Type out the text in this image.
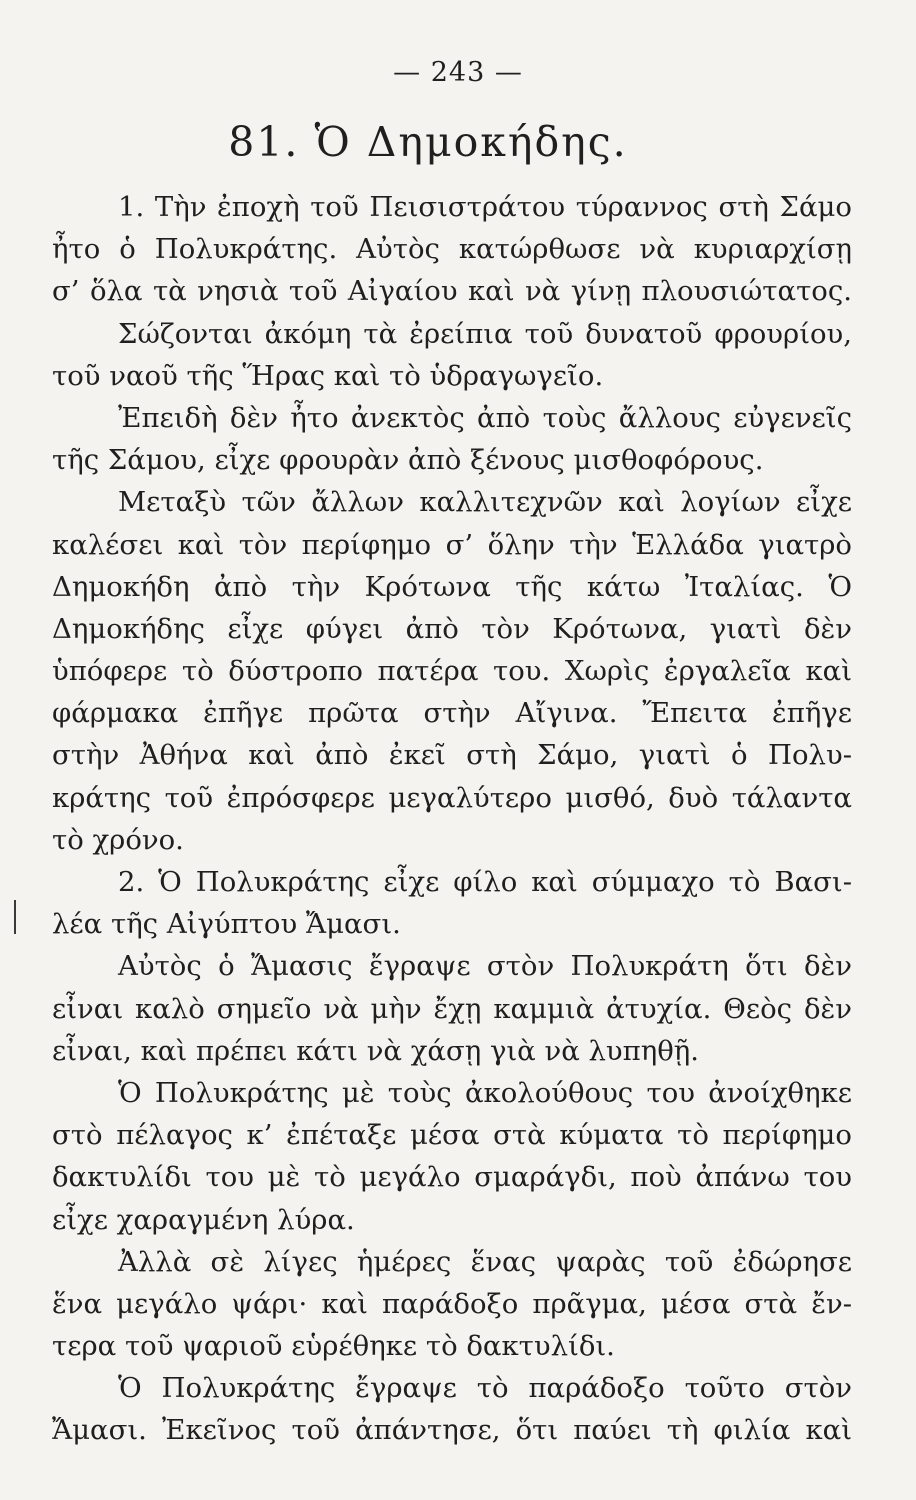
— 243 —
81. Ὁ Δημοκήδης.
1. Τὴν ἐποχὴ τοῦ Πεισιστράτου τύραννος στὴ Σάμο
ἦτο ὁ Πολυκράτης. Αὐτὸς κατώρθωσε νὰ κυριαρχίσῃ
σ’ ὅλα τὰ νησιὰ τοῦ Αἰγαίου καὶ νὰ γίνῃ πλουσιώτατος.
Σώζονται ἀκόμη τὰ ἐρείπια τοῦ δυνατοῦ φρουρίου,
τοῦ ναοῦ τῆς Ἥρας καὶ τὸ ὑδραγωγεῖο.
Ἐπειδὴ δὲν ἦτο ἀνεκτὸς ἀπὸ τοὺς ἄλλους εὐγενεῖς
τῆς Σάμου, εἶχε φρουρὰν ἀπὸ ξένους μισθοφόρους.
Μεταξὺ τῶν ἄλλων καλλιτεχνῶν καὶ λογίων εἶχε
καλέσει καὶ τὸν περίφημο σ’ ὅλην τὴν Ἑλλάδα γιατρὸ
Δημοκήδη ἀπὸ τὴν Κρότωνα τῆς κάτω Ἰταλίας. Ὁ
Δημοκήδης εἶχε φύγει ἀπὸ τὸν Κρότωνα, γιατὶ δὲν
ὑπόφερε τὸ δύστροπο πατέρα του. Χωρὶς ἐργαλεῖα καὶ
φάρμακα ἐπῆγε πρῶτα στὴν Αἴγινα. Ἔπειτα ἐπῆγε
στὴν Ἀθήνα καὶ ἀπὸ ἐκεῖ στὴ Σάμο, γιατὶ ὁ Πολυ-
κράτης τοῦ ἐπρόσφερε μεγαλύτερο μισθό, δυὸ τάλαντα
τὸ χρόνο.
2. Ὁ Πολυκράτης εἶχε φίλο καὶ σύμμαχο τὸ Βασι-
λέα τῆς Αἰγύπτου Ἄμασι.
Αὐτὸς ὁ Ἄμασις ἔγραψε στὸν Πολυκράτη ὅτι δὲν
εἶναι καλὸ σημεῖο νὰ μὴν ἔχῃ καμμιὰ ἀτυχία. Θεὸς δὲν
εἶναι, καὶ πρέπει κάτι νὰ χάσῃ γιὰ νὰ λυπηθῇ.
Ὁ Πολυκράτης μὲ τοὺς ἀκολούθους του ἀνοίχθηκε
στὸ πέλαγος κ’ ἐπέταξε μέσα στὰ κύματα τὸ περίφημο
δακτυλίδι του μὲ τὸ μεγάλο σμαράγδι, ποὺ ἀπάνω του
εἶχε χαραγμένη λύρα.
Ἀλλὰ σὲ λίγες ἡμέρες ἕνας ψαρὰς τοῦ ἐδώρησε
ἕνα μεγάλο ψάρι· καὶ παράδοξο πρᾶγμα, μέσα στὰ ἔν-
τερα τοῦ ψαριοῦ εὑρέθηκε τὸ δακτυλίδι.
Ὁ Πολυκράτης ἔγραψε τὸ παράδοξο τοῦτο στὸν
Ἄμασι. Ἐκεῖνος τοῦ ἀπάντησε, ὅτι παύει τὴ φιλία καὶ
